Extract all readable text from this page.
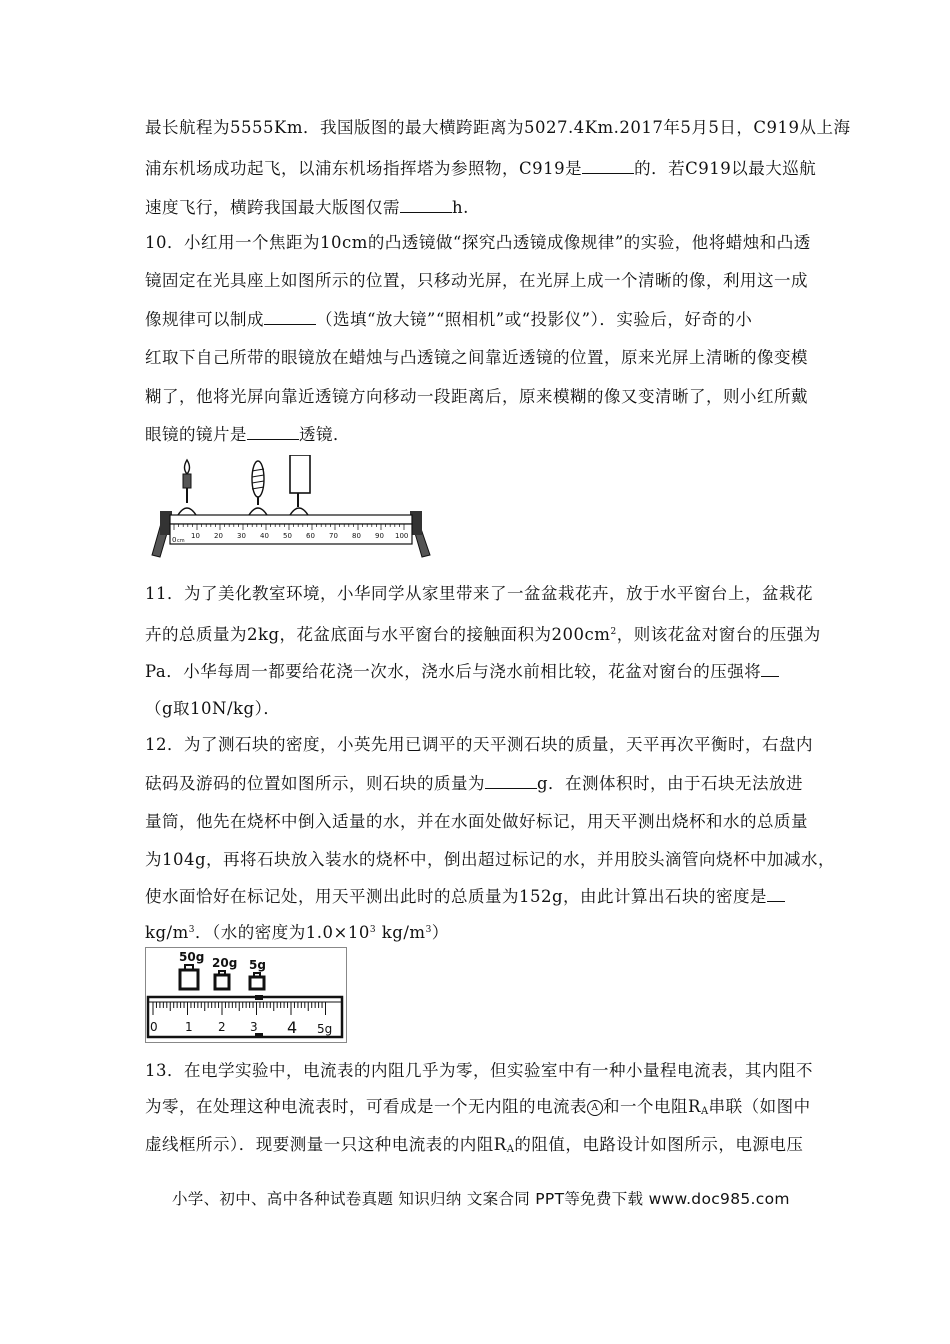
最长航程为5555Km．我国版图的最大横跨距离为5027.4Km.2017年5月5日，C919从上海
浦东机场成功起飞，以浦东机场指挥塔为参照物，C919是	的．若C919以最大巡航
速度飞行，横跨我国最大版图仅需	h.
10．小红用一个焦距为10cm的凸透镜做“探究凸透镜成像规律”的实验，他将蜡烛和凸透
镜固定在光具座上如图所示的位置，只移动光屏，在光屏上成一个清晰的像，利用这一成
像规律可以制成	（选填“放大镜”“照相机”或“投影仪”）．实验后，好奇的小
红取下自己所带的眼镜放在蜡烛与凸透镜之间靠近透镜的位置，原来光屏上清晰的像变模
糊了，他将光屏向靠近透镜方向移动一段距离后，原来模糊的像又变清晰了，则小红所戴
眼镜的镜片是	透镜．
0 cm
10 20 30 40 50 60 70 80 90 100
11．为了美化教室环境，小华同学从家里带来了一盆盆栽花卉，放于水平窗台上，盆栽花
卉的总质量为2kg，花盆底面与水平窗台的接触面积为$200cm^2$，则该花盆对窗台的压强为
Pa．小华每周一都要给花浇一次水，浇水后与浇水前相比较，花盆对窗台的压强将
（g取10N/kg）．
12．为了测石块的密度，小英先用已调平的天平测石块的质量，天平再次平衡时，右盘内
砝码及游码的位置如图所示，则石块的质量为	g．在测体积时，由于石块无法放进
量筒，他先在烧杯中倒入适量的水，并在水面处做好标记，用天平测出烧杯和水的总质量
为104g，再将石块放入装水的烧杯中，倒出超过标记的水，并用胶头滴管向烧杯中加减水，
使水面恰好在标记处，用天平测出此时的总质量为152g，由此计算出石块的密度是
$kg/m^3$．（水的密度为$1.0\times 10^3$ $kg/m^3$）
50g 20g 5g
0 1 2 3 4 5g
13．在电学实验中，电流表的内阻几乎为零，但实验室中有一种小量程电流表，其内阻不
为零，在处理这种电流表时，可看成是一个无内阻的电流表 A 和一个电阻$R_A$串联（如图中
虚线框所示）．现要测量一只这种电流表的内阻$R_A$的阻值，电路设计如图所示，电源电压
小学、初中、高中各种试卷真题 知识归纳 文案合同 PPT等免费下载 www.doc985.com
